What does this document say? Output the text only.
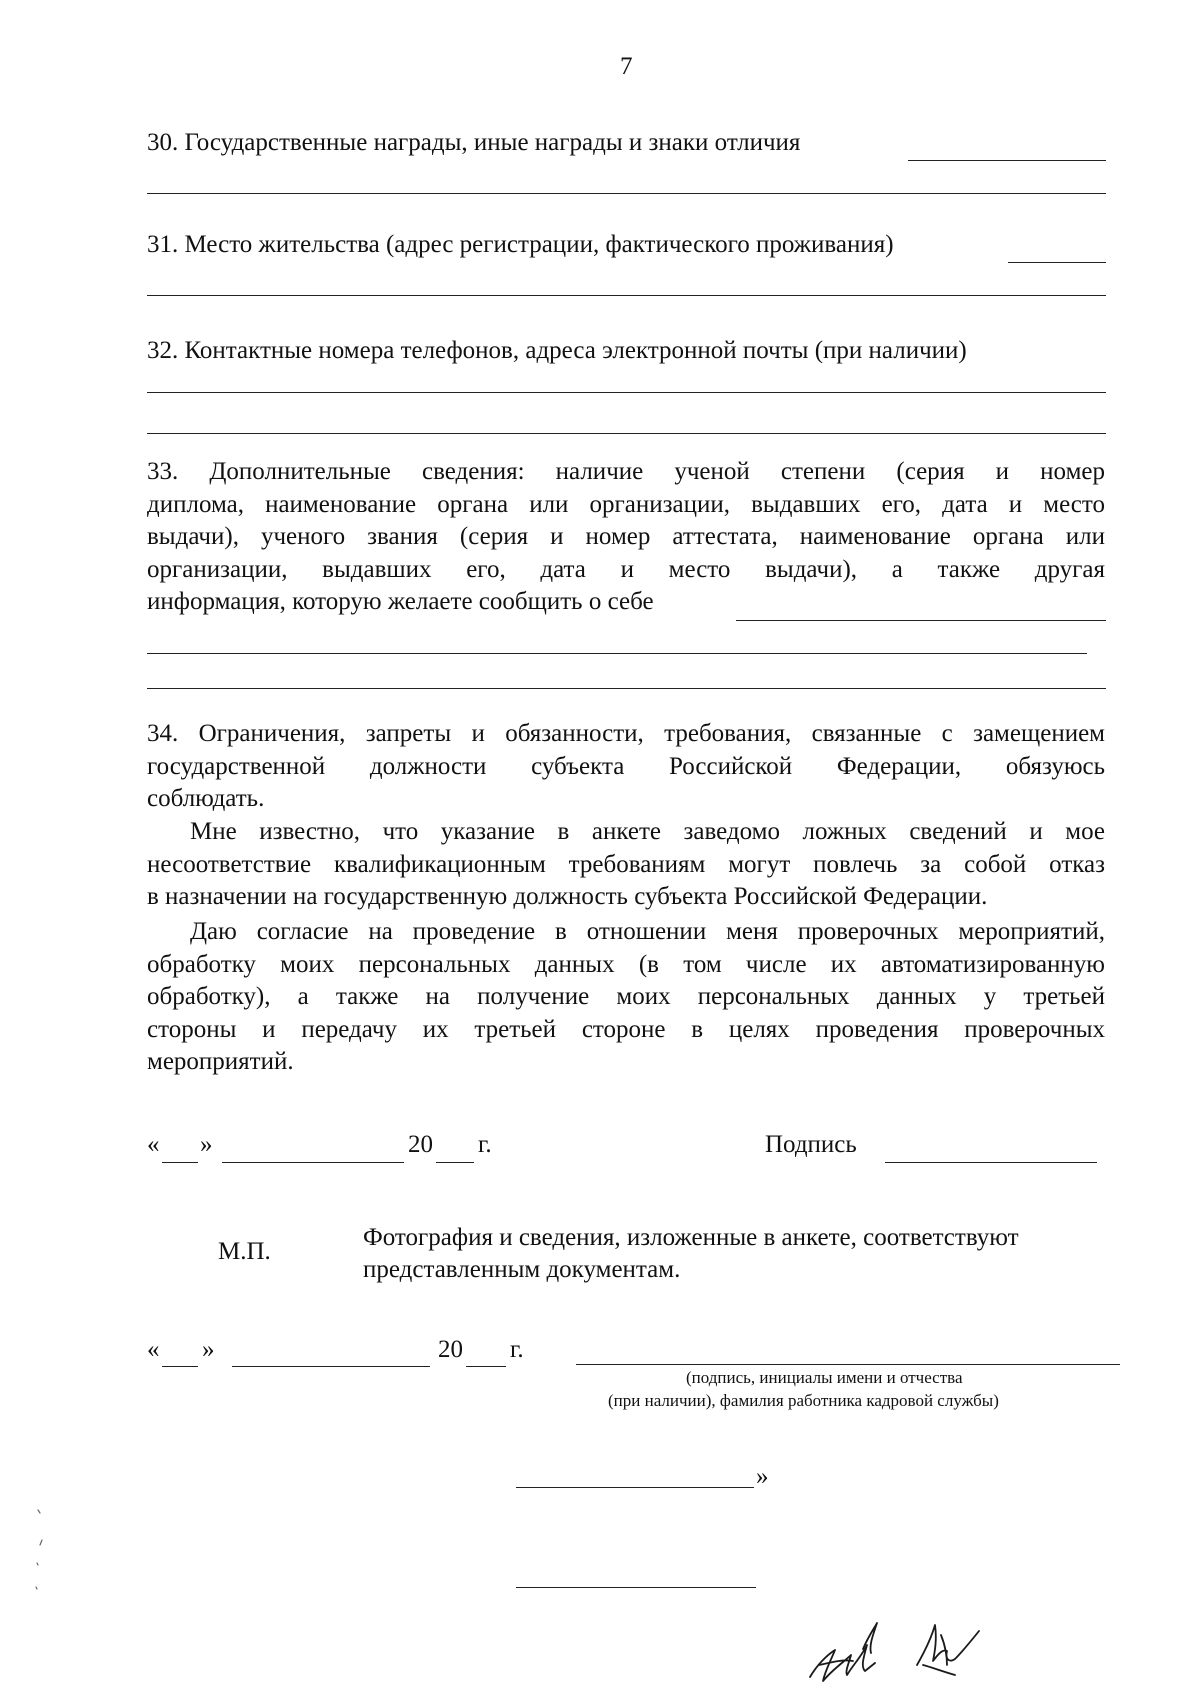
7
30. Государственные награды, иные награды и знаки отличия
31. Место жительства (адрес регистрации, фактического проживания)
32. Контактные номера телефонов, адреса электронной почты (при наличии)
33. Дополнительные сведения: наличие ученой степени (серия и номер
диплома, наименование органа или организации, выдавших его, дата и место
выдачи), ученого звания (серия и номер аттестата, наименование органа или
организации, выдавших его, дата и место выдачи), а также другая
информация, которую желаете сообщить о себе
34. Ограничения, запреты и обязанности, требования, связанные с замещением
государственной должности субъекта Российской Федерации, обязуюсь
соблюдать.
Мне известно, что указание в анкете заведомо ложных сведений и мое
несоответствие квалификационным требованиям могут повлечь за собой отказ
в назначении на государственную должность субъекта Российской Федерации.
Даю согласие на проведение в отношении меня проверочных мероприятий,
обработку моих персональных данных (в том числе их автоматизированную
обработку), а также на получение моих персональных данных у третьей
стороны и передачу их третьей стороне в целях проведения проверочных
мероприятий.
« »	20 г.	Подпись
М.П.
Фотография и сведения, изложенные в анкете, соответствуют
представленным документам.
« »	20 г.
(подпись, инициалы имени и отчества
(при наличии), фамилия работника кадровой службы)
»
